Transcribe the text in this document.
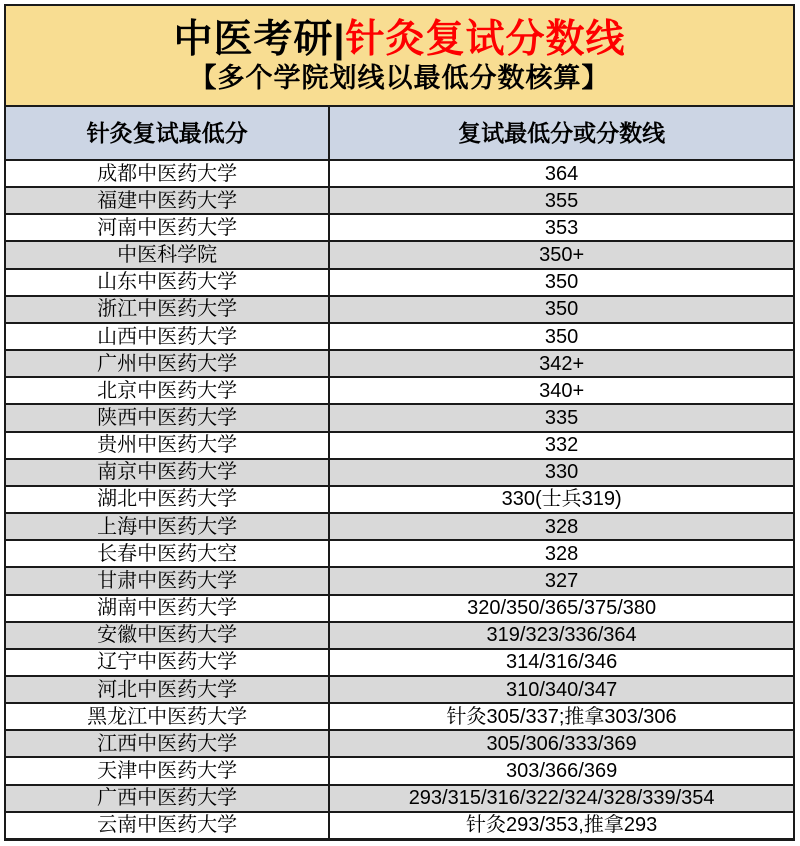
中医考研|针灸复试分数线
【多个学院划线以最低分数核算】
针灸复试最低分	复试最低分或分数线
成都中医药大学	364
福建中医药大学	355
河南中医药大学	353
中医科学院	350+
山东中医药大学	350
浙江中医药大学	350
山西中医药大学	350
广州中医药大学	342+
北京中医药大学	340+
陕西中医药大学	335
贵州中医药大学	332
南京中医药大学	330
湖北中医药大学	330(士兵319)
上海中医药大学	328
长春中医药大空	328
甘肃中医药大学	327
湖南中医药大学	320/350/365/375/380
安徽中医药大学	319/323/336/364
辽宁中医药大学	314/316/346
河北中医药大学	310/340/347
黑龙江中医药大学	针灸305/337;推拿303/306
江西中医药大学	305/306/333/369
天津中医药大学	303/366/369
广西中医药大学	293/315/316/322/324/328/339/354
云南中医药大学	针灸293/353,推拿293
